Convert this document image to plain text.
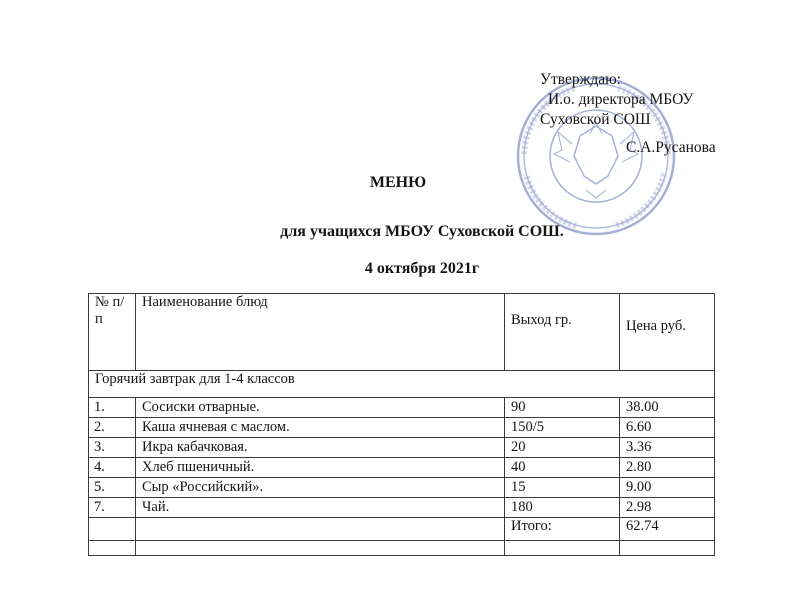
Утверждаю:
И.о. директора МБОУ
Суховской СОШ
С.А.Русанова
МЕНЮ
для учащихся МБОУ Суховской СОШ.
4 октября 2021г
№ п/п	Наименование блюд	Выход гр.	Цена руб.
Горячий завтрак для 1-4 классов			
1.	Сосиски отварные.	90	38.00
2.	Каша ячневая с маслом.	150/5	6.60
3.	Икра кабачковая.	20	3.36
4.	Хлеб пшеничный.	40	2.80
5.	Сыр «Российский».	15	9.00
7.	Чай.	180	2.98
		Итого:	62.74
